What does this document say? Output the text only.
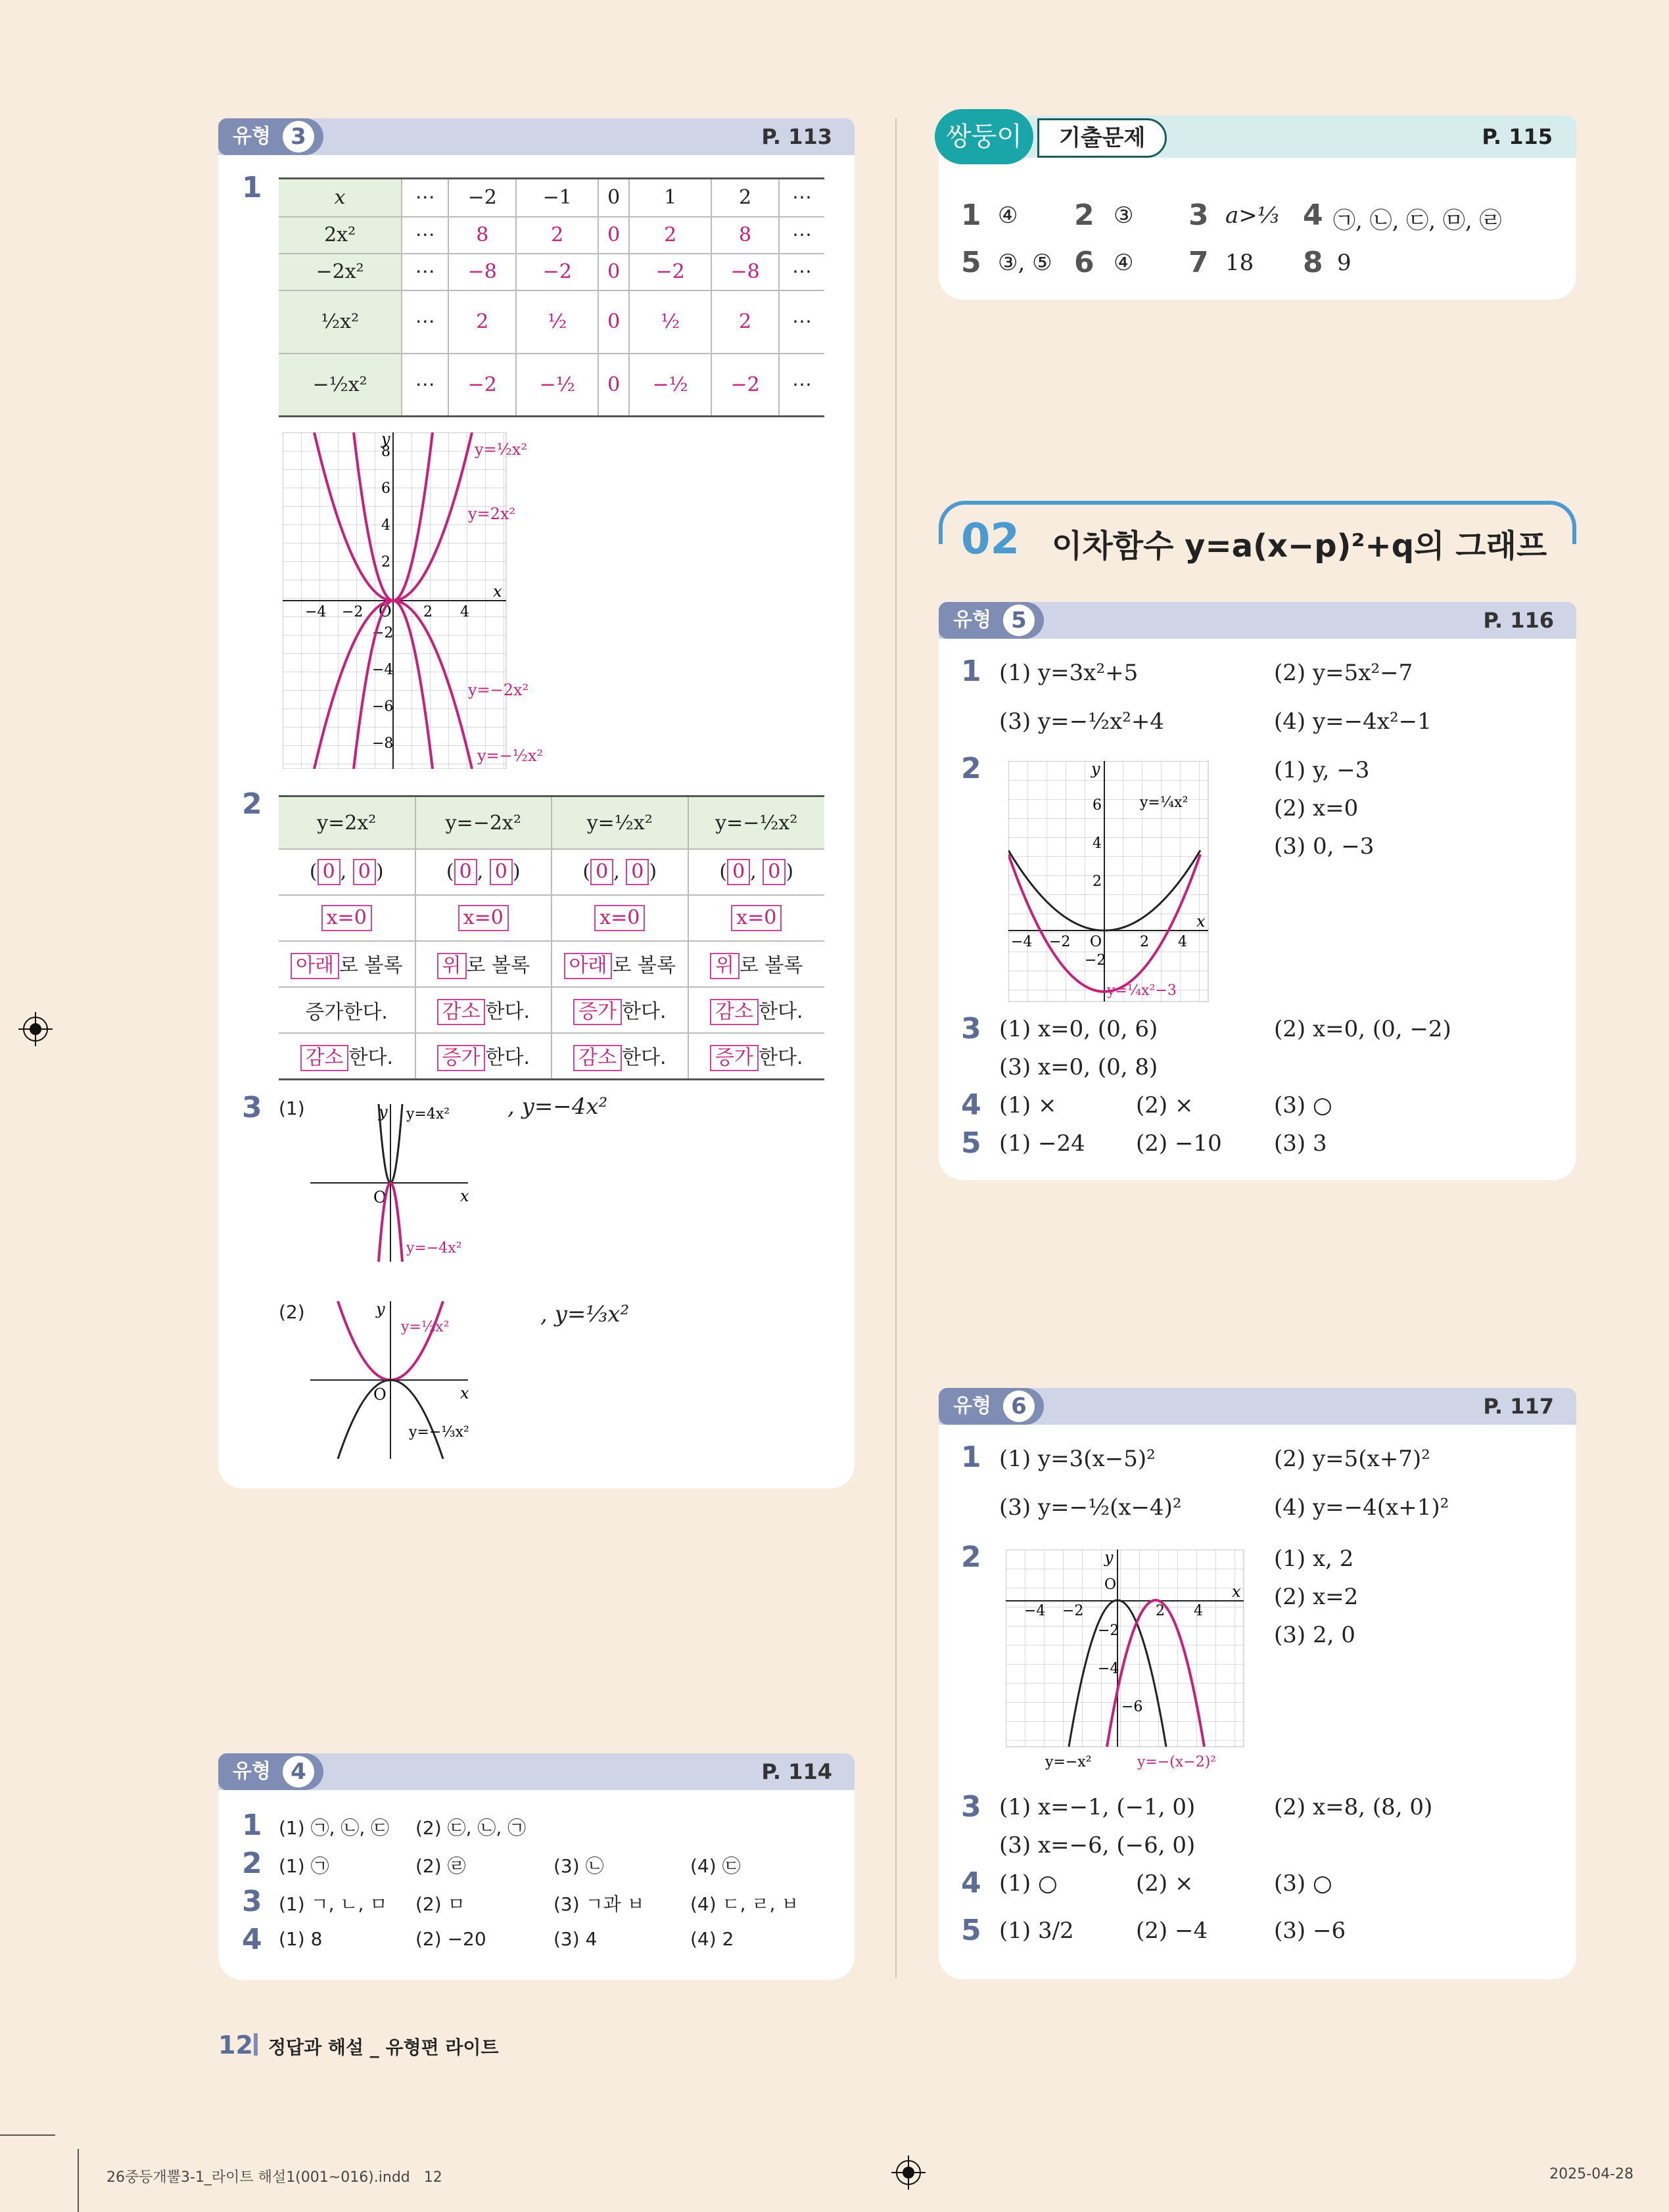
유형 3	P. 113
1	x	⋯	−2	−1	0	1	2	⋯
2x²	⋯	8	2	0	2	8	⋯
−2x²	⋯	−8	−2	0	−2	−8	⋯
½x²	⋯	2	½	0	½	2	⋯
−½x²	⋯	−2	−½	0	−½	−2	⋯
x
y
O
−4 −2	2 4
8
6
4
2
−2
−4
−6
−8
y=½x²
y=2x²
y=−2x²
y=−½x²
2
y=2x²	y=−2x²	y=½x²	y=−½x²
( 0 , 0 )	( 0 , 0 )	( 0 , 0 )	( 0 , 0 )
x=0	x=0	x=0	x=0
아래 로 볼록	위 로 볼록	아래 로 볼록	위 로 볼록
증가한다.	감소 한다.	증가 한다.	감소 한다.
감소 한다.	증가 한다.	감소 한다.	증가 한다.
3 (1)
x
y
O
y=4x²
y=−4x²
, y=−4x²
(2)
x
y
O
y=⅓x²
y=−⅓x²
, y=⅓x²
유형 4	P. 114
1 (1) ㉠, ㉡, ㉢ (2) ㉢, ㉡, ㉠
2 (1) ㉠	(2) ㉣	(3) ㉡	(4) ㉢
3 (1) ㄱ, ㄴ, ㅁ (2) ㅁ	(3) ㄱ과 ㅂ (4) ㄷ, ㄹ, ㅂ
4 (1) 8	(2) −20	(3) 4	(4) 2
쌍둥이	기출문제	P. 115
1 ④ 2 ③ 3 a>⅓ 4 ㉠, ㉡, ㉢, ㉤, ㉣
5 ③, ⑤ 6 ④ 7 18 8 9
02 이차함수 y=a(x−p)²+q의 그래프
유형 5	P. 116
1 (1) y=3x²+5	(2) y=5x²−7
(3) y=−½x²+4	(4) y=−4x²−1
2
x
y
O
−4 −2	2 4
6
4
2
−2
y=¼x²
y=¼x²−3
(1) y, −3
(2) x=0
(3) 0, −3
3 (1) x=0, (0, 6)	(2) x=0, (0, −2)
(3) x=0, (0, 8)
4 (1) ×	(2) ×	(3) ○
5 (1) −24 (2) −10 (3) 3
유형 6	P. 117
1 (1) y=3(x−5)²	(2) y=5(x+7)²
(3) y=−½(x−4)²	(4) y=−4(x+1)²
2
x
y
O
−4 −2	2 4
−2
−4
−6
y=−x²	y=−(x−2)²
(1) x, 2
(2) x=2
(3) 2, 0
3 (1) x=−1, (−1, 0)	(2) x=8, (8, 0)
(3) x=−6, (−6, 0)
4 (1) ○	(2) ×	(3) ○
5 (1) 3/2	(2) −4	(3) −6
12 정답과 해설 _ 유형편 라이트
26중등개뿔3-1_라이트 해설1(001~016).indd   12	2025-04-28
